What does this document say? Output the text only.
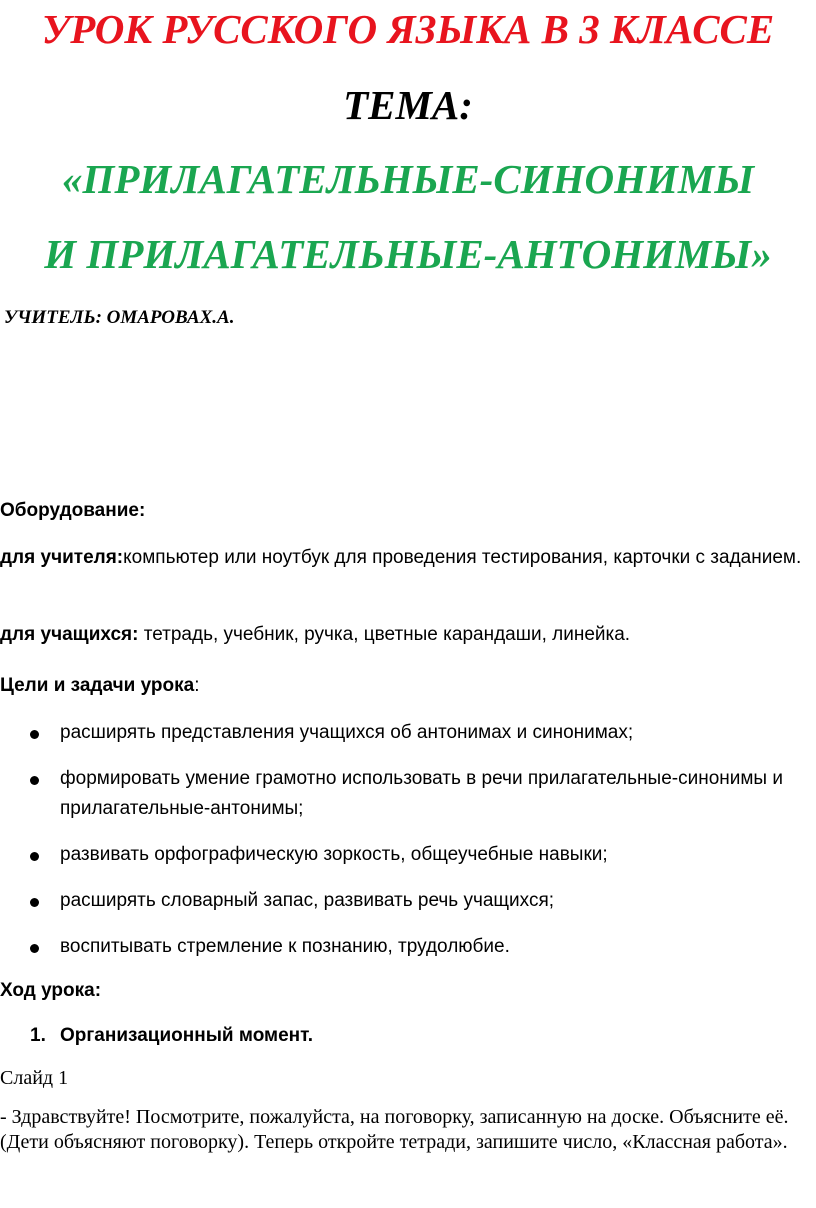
УРОК РУССКОГО ЯЗЫКА В 3 КЛАССЕ
ТЕМА:
«ПРИЛАГАТЕЛЬНЫЕ-СИНОНИМЫ
И ПРИЛАГАТЕЛЬНЫЕ-АНТОНИМЫ»
УЧИТЕЛЬ: ОМАРОВАХ.А.
Оборудование:
для учителя:компьютер или ноутбук для проведения тестирования, карточки с заданием.
для учащихся: тетрадь, учебник, ручка, цветные карандаши, линейка.
Цели и задачи урока:
расширять представления учащихся об антонимах и синонимах;
формировать умение грамотно использовать в речи прилагательные-синонимы и прилагательные-антонимы;
развивать орфографическую зоркость, общеучебные навыки;
расширять словарный запас, развивать речь учащихся;
воспитывать стремление к познанию, трудолюбие.
Ход урока:
1. Организационный момент.
Слайд 1
- Здравствуйте! Посмотрите, пожалуйста, на поговорку, записанную на доске. Объясните её. (Дети объясняют поговорку). Теперь откройте тетради, запишите число, «Классная работа».
